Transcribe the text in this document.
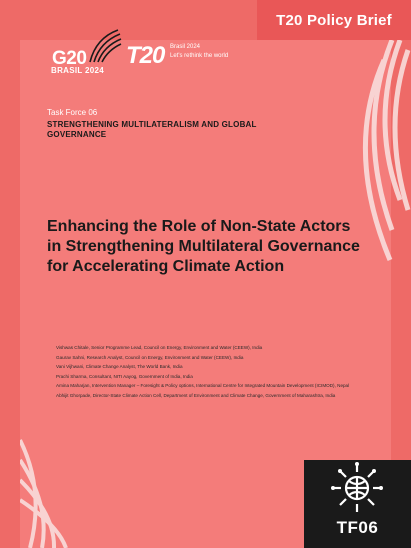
T20 Policy Brief
G20
BRASIL 2024
T20 Brasil 2024
Let's rethink the world
Task Force 06
STRENGTHENING MULTILATERALISM AND GLOBAL GOVERNANCE
Enhancing the Role of Non-State Actors in Strengthening Multilateral Governance for Accelerating Climate Action
Vishwas Chitale, Senior Programme Lead, Council on Energy, Environment and Water (CEEW), India
Gaurav Sahni, Research Analyst, Council on Energy, Environment and Water (CEEW), India
Vani Vijhwani, Climate Change Analyst, The World Bank, India
Prachi Sharma, Consultant, NITI Aayog, Government of India, India
Amina Maharjan, Intervention Manager – Foresight & Policy options, International Centre for Integrated Mountain Development (ICIMOD), Nepal
Abhijit Ghorpade, Director-State Climate Action Cell, Department of Environment and Climate Change, Government of Maharashtra, India
TF06
